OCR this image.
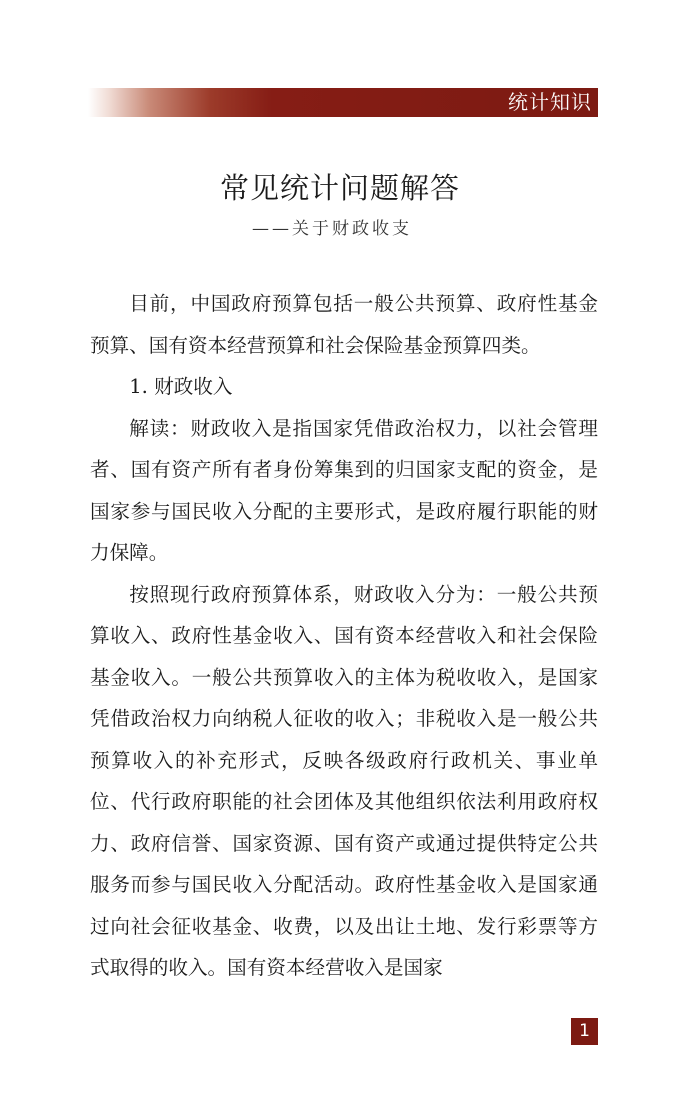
统计知识
常见统计问题解答
——关于财政收支

目前，中国政府预算包括一般公共预算、政府性基金预算、国有资本经营预算和社会保险基金预算四类。

1. 财政收入

解读：财政收入是指国家凭借政治权力，以社会管理者、国有资产所有者身份筹集到的归国家支配的资金，是国家参与国民收入分配的主要形式，是政府履行职能的财力保障。

按照现行政府预算体系，财政收入分为：一般公共预算收入、政府性基金收入、国有资本经营收入和社会保险基金收入。一般公共预算收入的主体为税收收入，是国家凭借政治权力向纳税人征收的收入；非税收入是一般公共预算收入的补充形式，反映各级政府行政机关、事业单位、代行政府职能的社会团体及其他组织依法利用政府权力、政府信誉、国家资源、国有资产或通过提供特定公共服务而参与国民收入分配活动。政府性基金收入是国家通过向社会征收基金、收费，以及出让土地、发行彩票等方式取得的收入。国有资本经营收入是国家

1
